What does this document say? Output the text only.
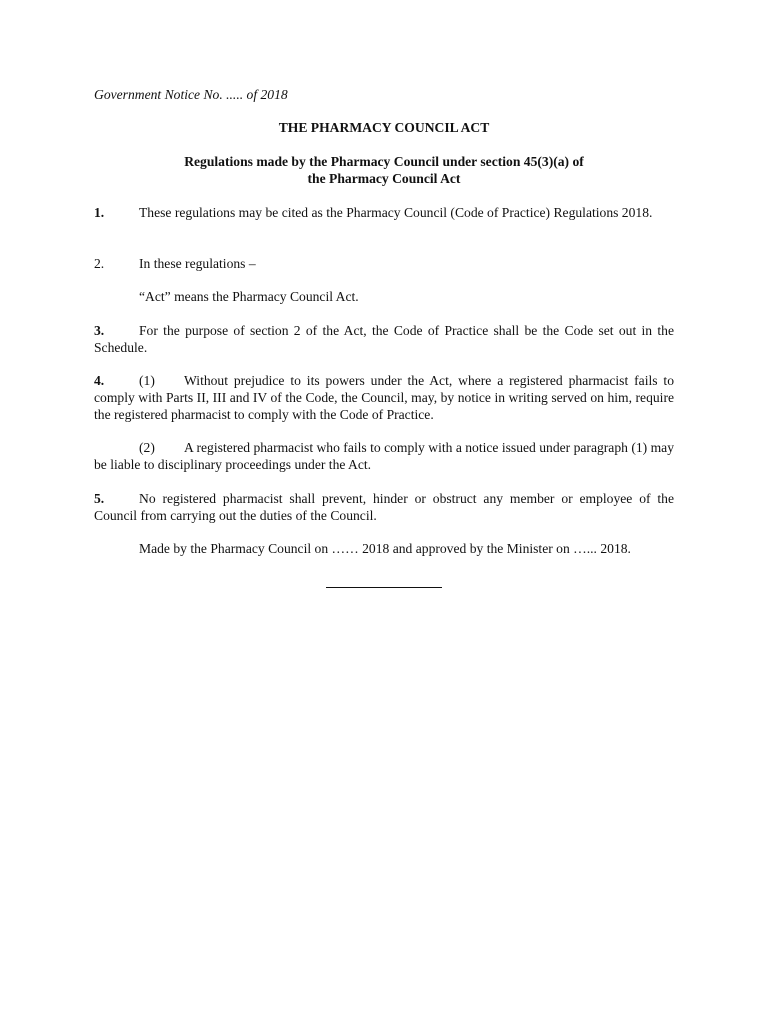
Government Notice No. ..... of 2018
THE PHARMACY COUNCIL ACT
Regulations made by the Pharmacy Council under section 45(3)(a) of
the Pharmacy Council Act
1.	These regulations may be cited as the Pharmacy Council (Code of Practice) Regulations 2018.
2.	In these regulations –
“Act” means the Pharmacy Council Act.
3.	For the purpose of section 2 of the Act, the Code of Practice shall be the Code set out in the Schedule.
4.	(1) Without prejudice to its powers under the Act, where a registered pharmacist fails to comply with Parts II, III and IV of the Code, the Council, may, by notice in writing served on him, require the registered pharmacist to comply with the Code of Practice.
(2) A registered pharmacist who fails to comply with a notice issued under paragraph (1) may be liable to disciplinary proceedings under the Act.
5.	No registered pharmacist shall prevent, hinder or obstruct any member or employee of the Council from carrying out the duties of the Council.
Made by the Pharmacy Council on …… 2018 and approved by the Minister on …... 2018.
